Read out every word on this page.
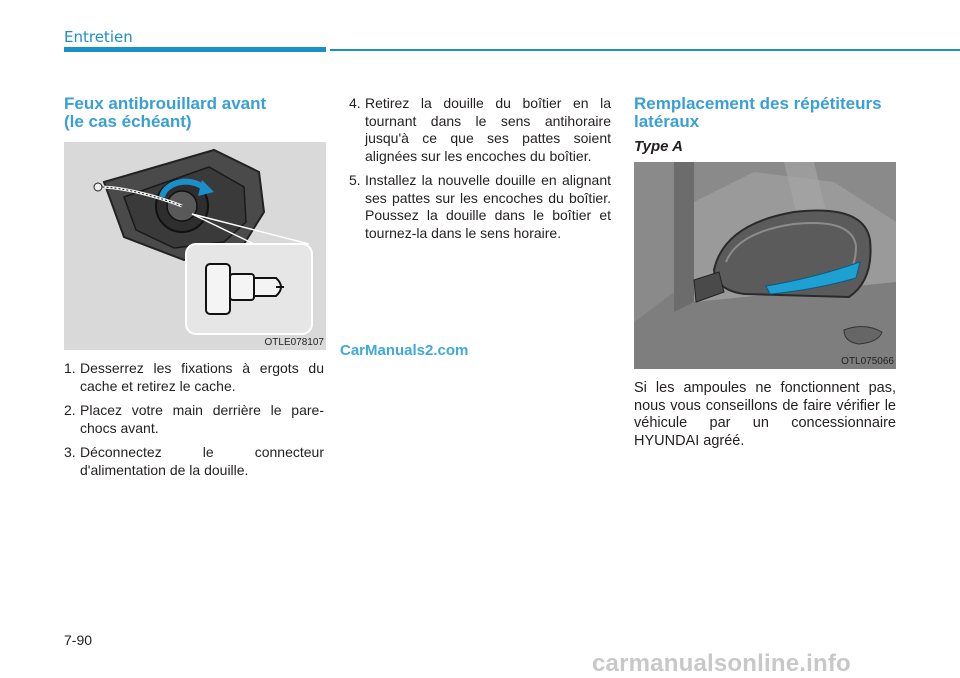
Entretien
Feux antibrouillard avant
(le cas échéant)
OTLE078107
1. Desserrez les fixations à ergots du cache et retirez le cache.
2. Placez votre main derrière le pare-chocs avant.
3. Déconnectez le connecteur d'alimentation de la douille.
4. Retirez la douille du boîtier en la tournant dans le sens antihoraire jusqu'à ce que ses pattes soient alignées sur les encoches du boîtier.
5. Installez la nouvelle douille en alignant ses pattes sur les encoches du boîtier. Poussez la douille dans le boîtier et tournez-la dans le sens horaire.
Remplacement des répétiteurs
latéraux
Type A
OTL075066
Si les ampoules ne fonctionnent pas, nous vous conseillons de faire vérifier le véhicule par un concessionnaire HYUNDAI agréé.
CarManuals2.com
7-90
carmanualsonline.info
